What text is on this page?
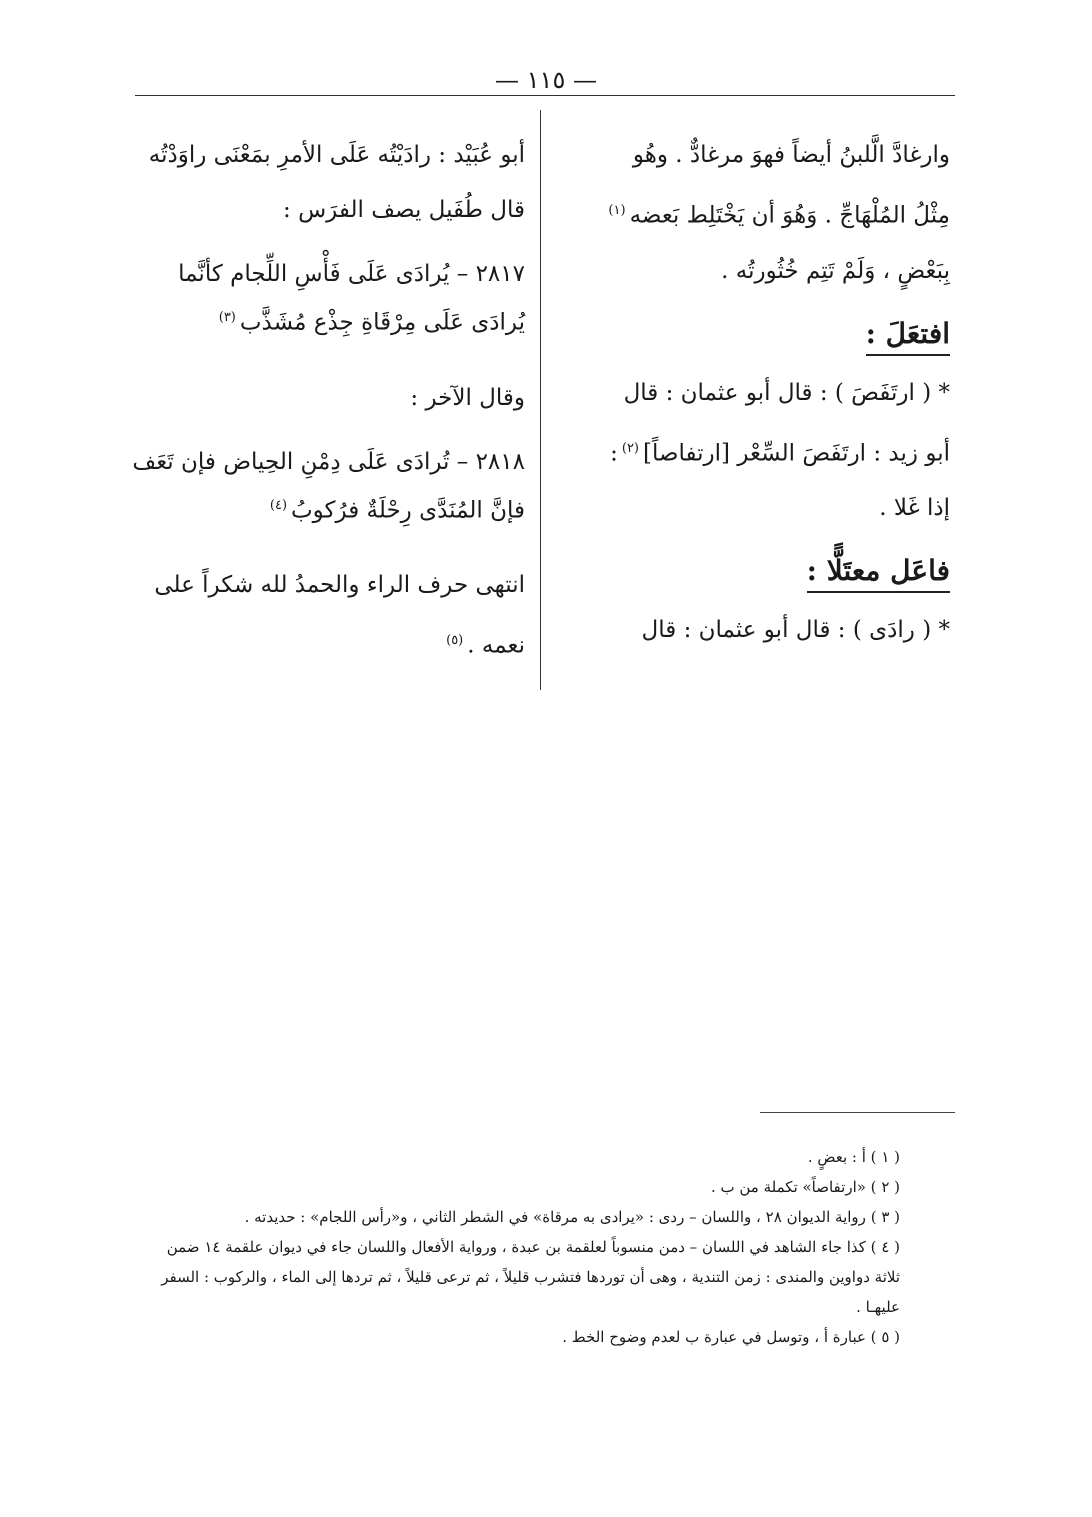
— ١١٥ —
وارغادَّ الَّلبنُ أيضاً فهوَ مرغادٌّ . وهُو
مِثْلُ المُلْهَاجِّ . وَهُوَ أن يَخْتَلِط بَعضه$^{(١)}$
بِبَعْضٍ ، وَلَمْ تَتِم خُثُورتُه .
افتعَلَ :
* ( ارتَفَصَ ) : قال أبو عثمان : قال
أبو زيد : ارتَفَصَ السِّعْر [ارتفاصاً]$^{(٢)}$:
إذا غَلا .
فاعَل معتَلًّا :
* ( رادَى ) : قال أبو عثمان : قال
أبو عُبَيْد : رادَيْتُه عَلَى الأمرِ بمَعْنَى راوَدْتُه
قال طُفَيل يصف الفرَس :
٢٨١٧ – يُرادَى عَلَى فَأْسِ اللِّجام كأنَّما
يُرادَى عَلَى مِرْقَاةِ جِذْع مُشَذَّب$^{(٣)}$
وقال الآخر :
٢٨١٨ – تُرادَى عَلَى دِمْنِ الحِياض فإن تَعَف
فإنَّ المُنَدَّى رِحْلَةٌ فرُكوبُ$^{(٤)}$
انتهى حرف الراء والحمدُ لله شكراً على
نعمه .$^{(٥)}$
( ١ ) أ : بعضٍ .
( ٢ ) «ارتفاصاً» تكملة من ب .
( ٣ ) رواية الديوان ٢٨ ، واللسان – ردى : «يرادى به مرقاة» في الشطر الثاني ، و«رأس اللجام» : حديدته .
( ٤ ) كذا جاء الشاهد في اللسان – دمن منسوباً لعلقمة بن عبدة ، ورواية الأفعال واللسان جاء في ديوان علقمة ١٤ ضمن
ثلاثة دواوين والمندى : زمن التندية ، وهى أن توردها فتشرب قليلاً ، ثم ترعى قليلاً ، ثم تردها إلى الماء ، والركوب : السفر
عليهـا .
( ٥ ) عبارة أ ، وتوسل في عبارة ب لعدم وضوح الخط .
